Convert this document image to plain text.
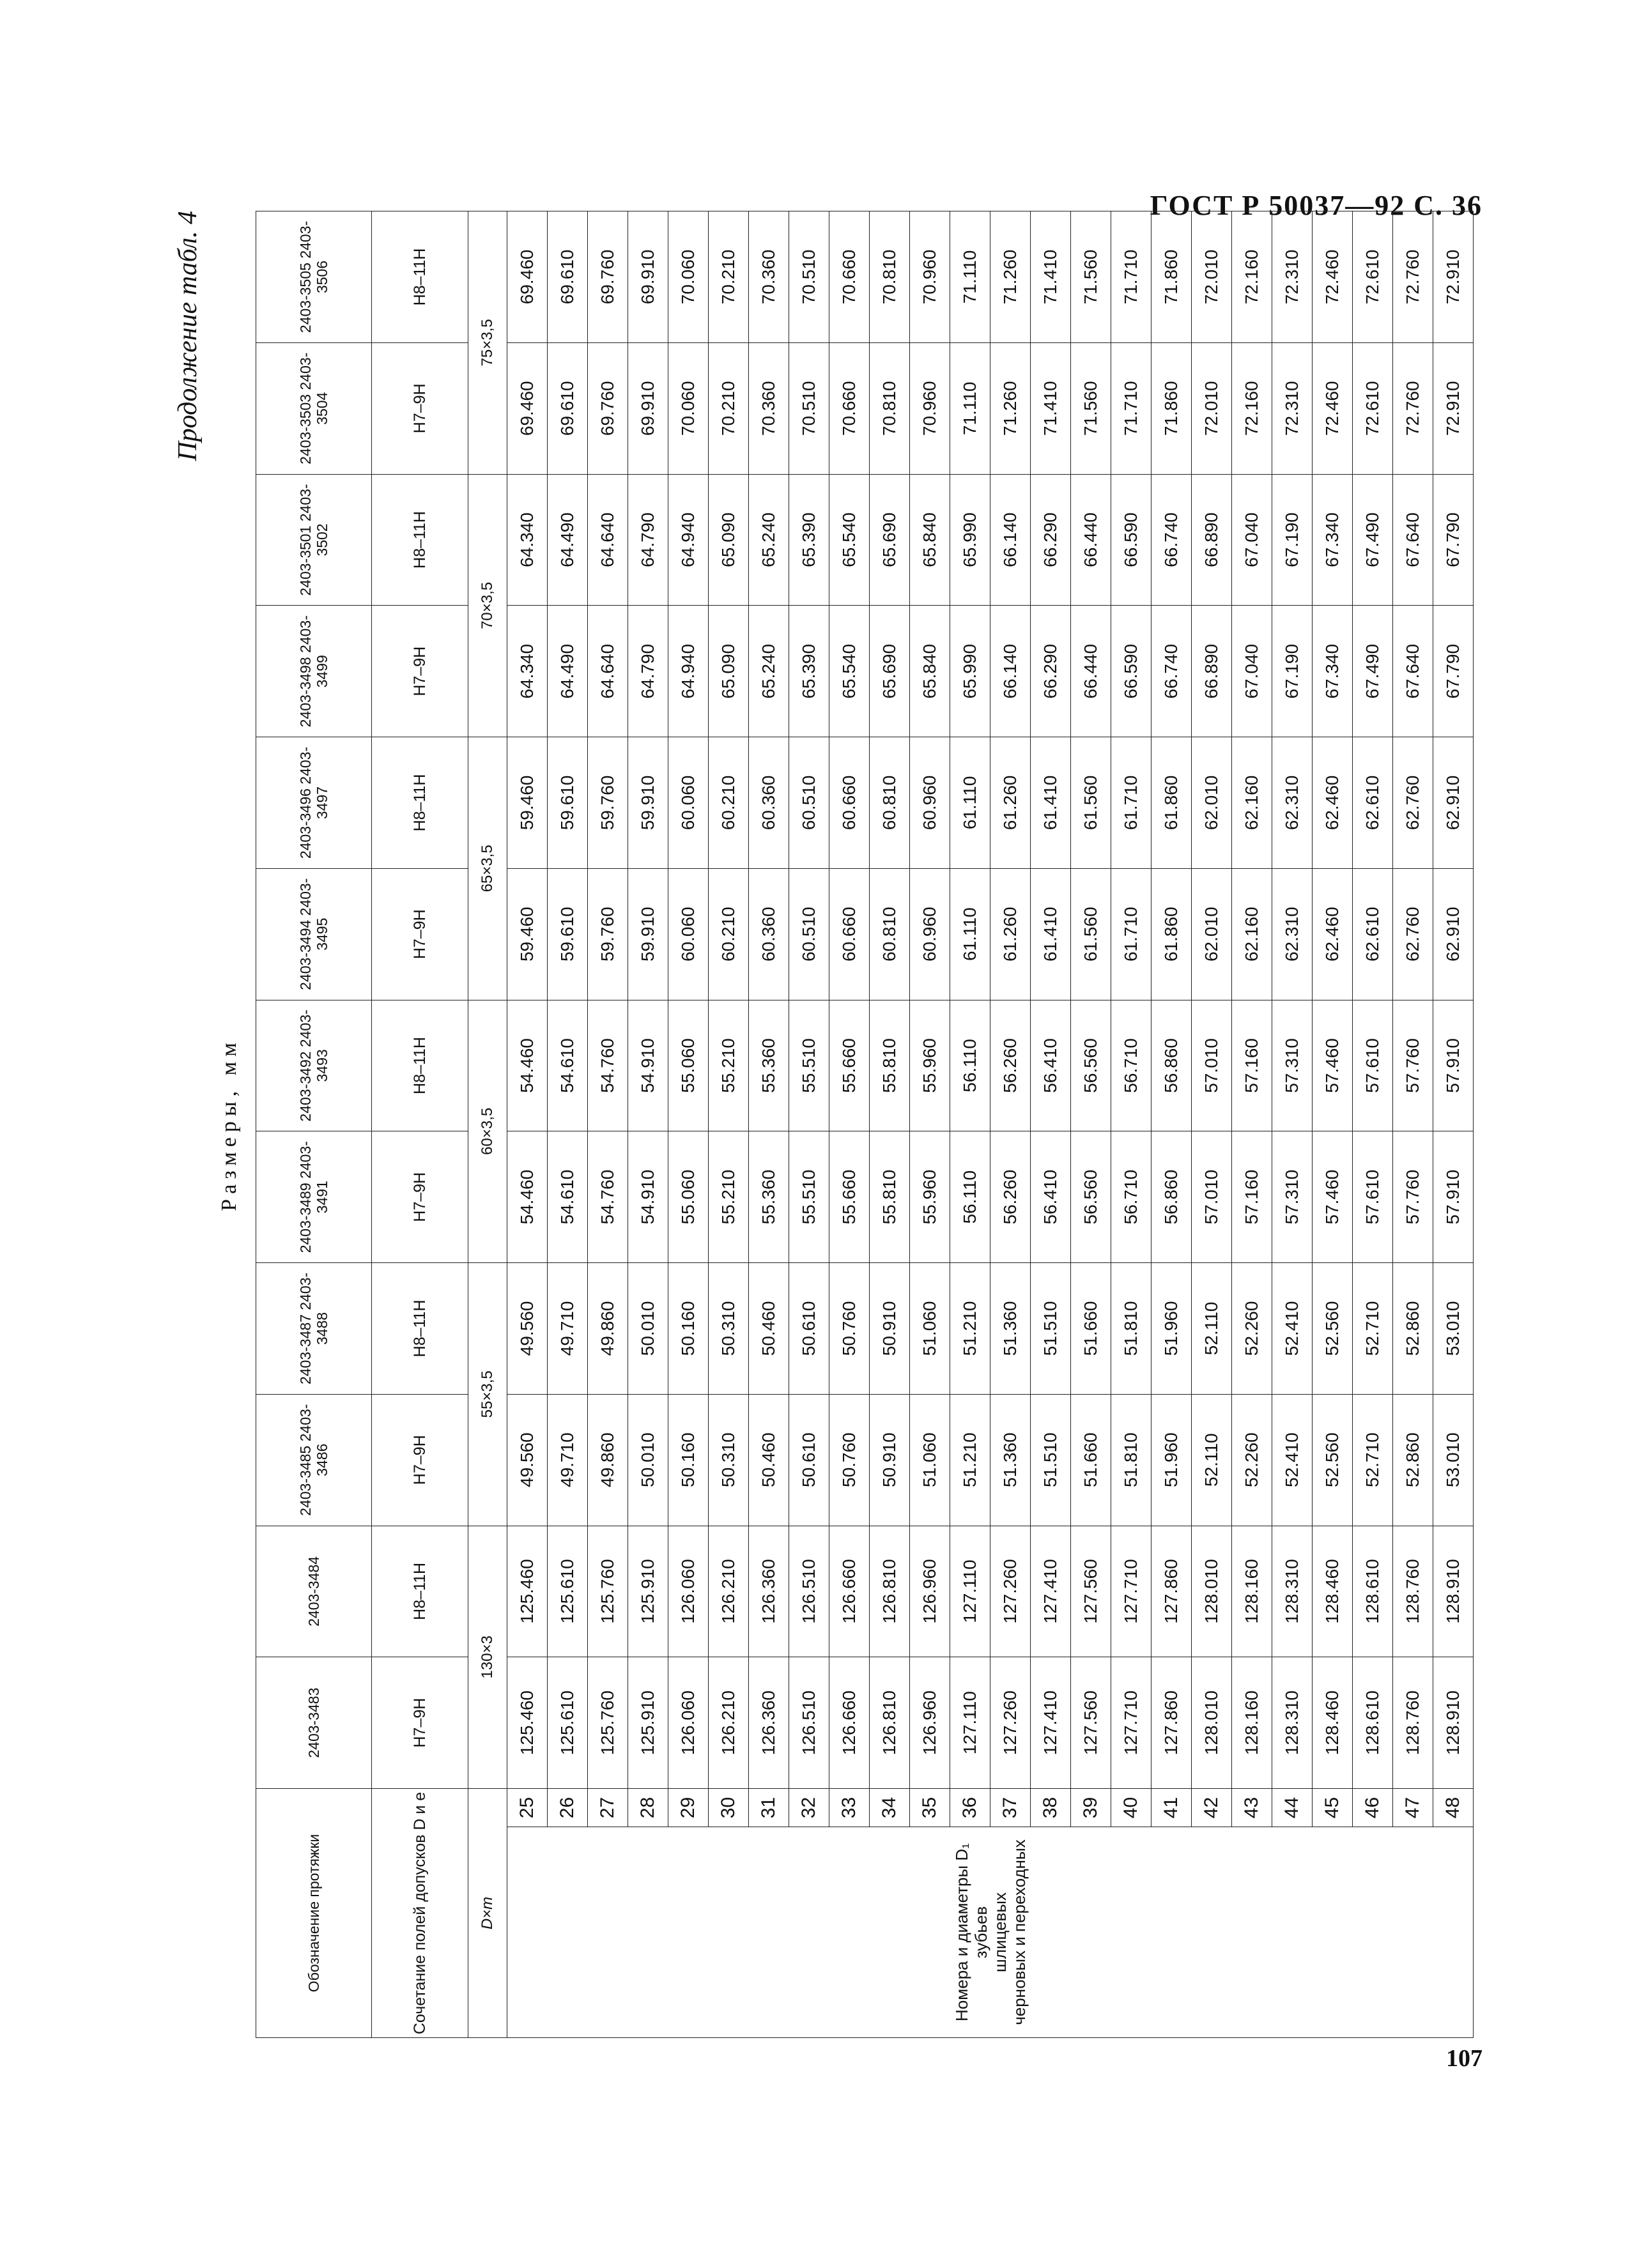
ГОСТ Р 50037—92 С. 36
Продолжение табл. 4
Размеры, мм
Обозначение протяжки		2403-3483	2403-3484	2403-3485 2403-3486	2403-3487 2403-3488	2403-3489 2403-3491	2403-3492 2403-3493	2403-3494 2403-3495	2403-3496 2403-3497	2403-3498 2403-3499	2403-3501 2403-3502	2403-3503 2403-3504	2403-3505 2403-3506
Сочетание полей допусков D и e		H7–9H	H8–11H	H7–9H	H8–11H	H7–9H	H8–11H	H7–9H	H8–11H	H7–9H	H8–11H	H7–9H	H8–11H
D×m		130×3		55×3,5		60×3,5		65×3,5		70×3,5		75×3,5	

Номера и диаметры D₁ зубьев шлицевых черновых и переходных	25	125.460	125.460	49.560	49.560	54.460	54.460	59.460	59.460	64.340	64.340	69.460	69.460
	26	125.610	125.610	49.710	49.710	54.610	54.610	59.610	59.610	64.490	64.490	69.610	69.610
	27	125.760	125.760	49.860	49.860	54.760	54.760	59.760	59.760	64.640	64.640	69.760	69.760
	28	125.910	125.910	50.010	50.010	54.910	54.910	59.910	59.910	64.790	64.790	69.910	69.910
	29	126.060	126.060	50.160	50.160	55.060	55.060	60.060	60.060	64.940	64.940	70.060	70.060
	30	126.210	126.210	50.310	50.310	55.210	55.210	60.210	60.210	65.090	65.090	70.210	70.210
	31	126.360	126.360	50.460	50.460	55.360	55.360	60.360	60.360	65.240	65.240	70.360	70.360
	32	126.510	126.510	50.610	50.610	55.510	55.510	60.510	60.510	65.390	65.390	70.510	70.510
	33	126.660	126.660	50.760	50.760	55.660	55.660	60.660	60.660	65.540	65.540	70.660	70.660
	34	126.810	126.810	50.910	50.910	55.810	55.810	60.810	60.810	65.690	65.690	70.810	70.810
	35	126.960	126.960	51.060	51.060	55.960	55.960	60.960	60.960	65.840	65.840	70.960	70.960
	36	127.110	127.110	51.210	51.210	56.110	56.110	61.110	61.110	65.990	65.990	71.110	71.110
	37	127.260	127.260	51.360	51.360	56.260	56.260	61.260	61.260	66.140	66.140	71.260	71.260
	38	127.410	127.410	51.510	51.510	56.410	56.410	61.410	61.410	66.290	66.290	71.410	71.410
	39	127.560	127.560	51.660	51.660	56.560	56.560	61.560	61.560	66.440	66.440	71.560	71.560
	40	127.710	127.710	51.810	51.810	56.710	56.710	61.710	61.710	66.590	66.590	71.710	71.710
	41	127.860	127.860	51.960	51.960	56.860	56.860	61.860	61.860	66.740	66.740	71.860	71.860
	42	128.010	128.010	52.110	52.110	57.010	57.010	62.010	62.010	66.890	66.890	72.010	72.010
	43	128.160	128.160	52.260	52.260	57.160	57.160	62.160	62.160	67.040	67.040	72.160	72.160
	44	128.310	128.310	52.410	52.410	57.310	57.310	62.310	62.310	67.190	67.190	72.310	72.310
	45	128.460	128.460	52.560	52.560	57.460	57.460	62.460	62.460	67.340	67.340	72.460	72.460
	46	128.610	128.610	52.710	52.710	57.610	57.610	62.610	62.610	67.490	67.490	72.610	72.610
	47	128.760	128.760	52.860	52.860	57.760	57.760	62.760	62.760	67.640	67.640	72.760	72.760
	48	128.910	128.910	53.010	53.010	57.910	57.910	62.910	62.910	67.790	67.790	72.910	72.910
107
